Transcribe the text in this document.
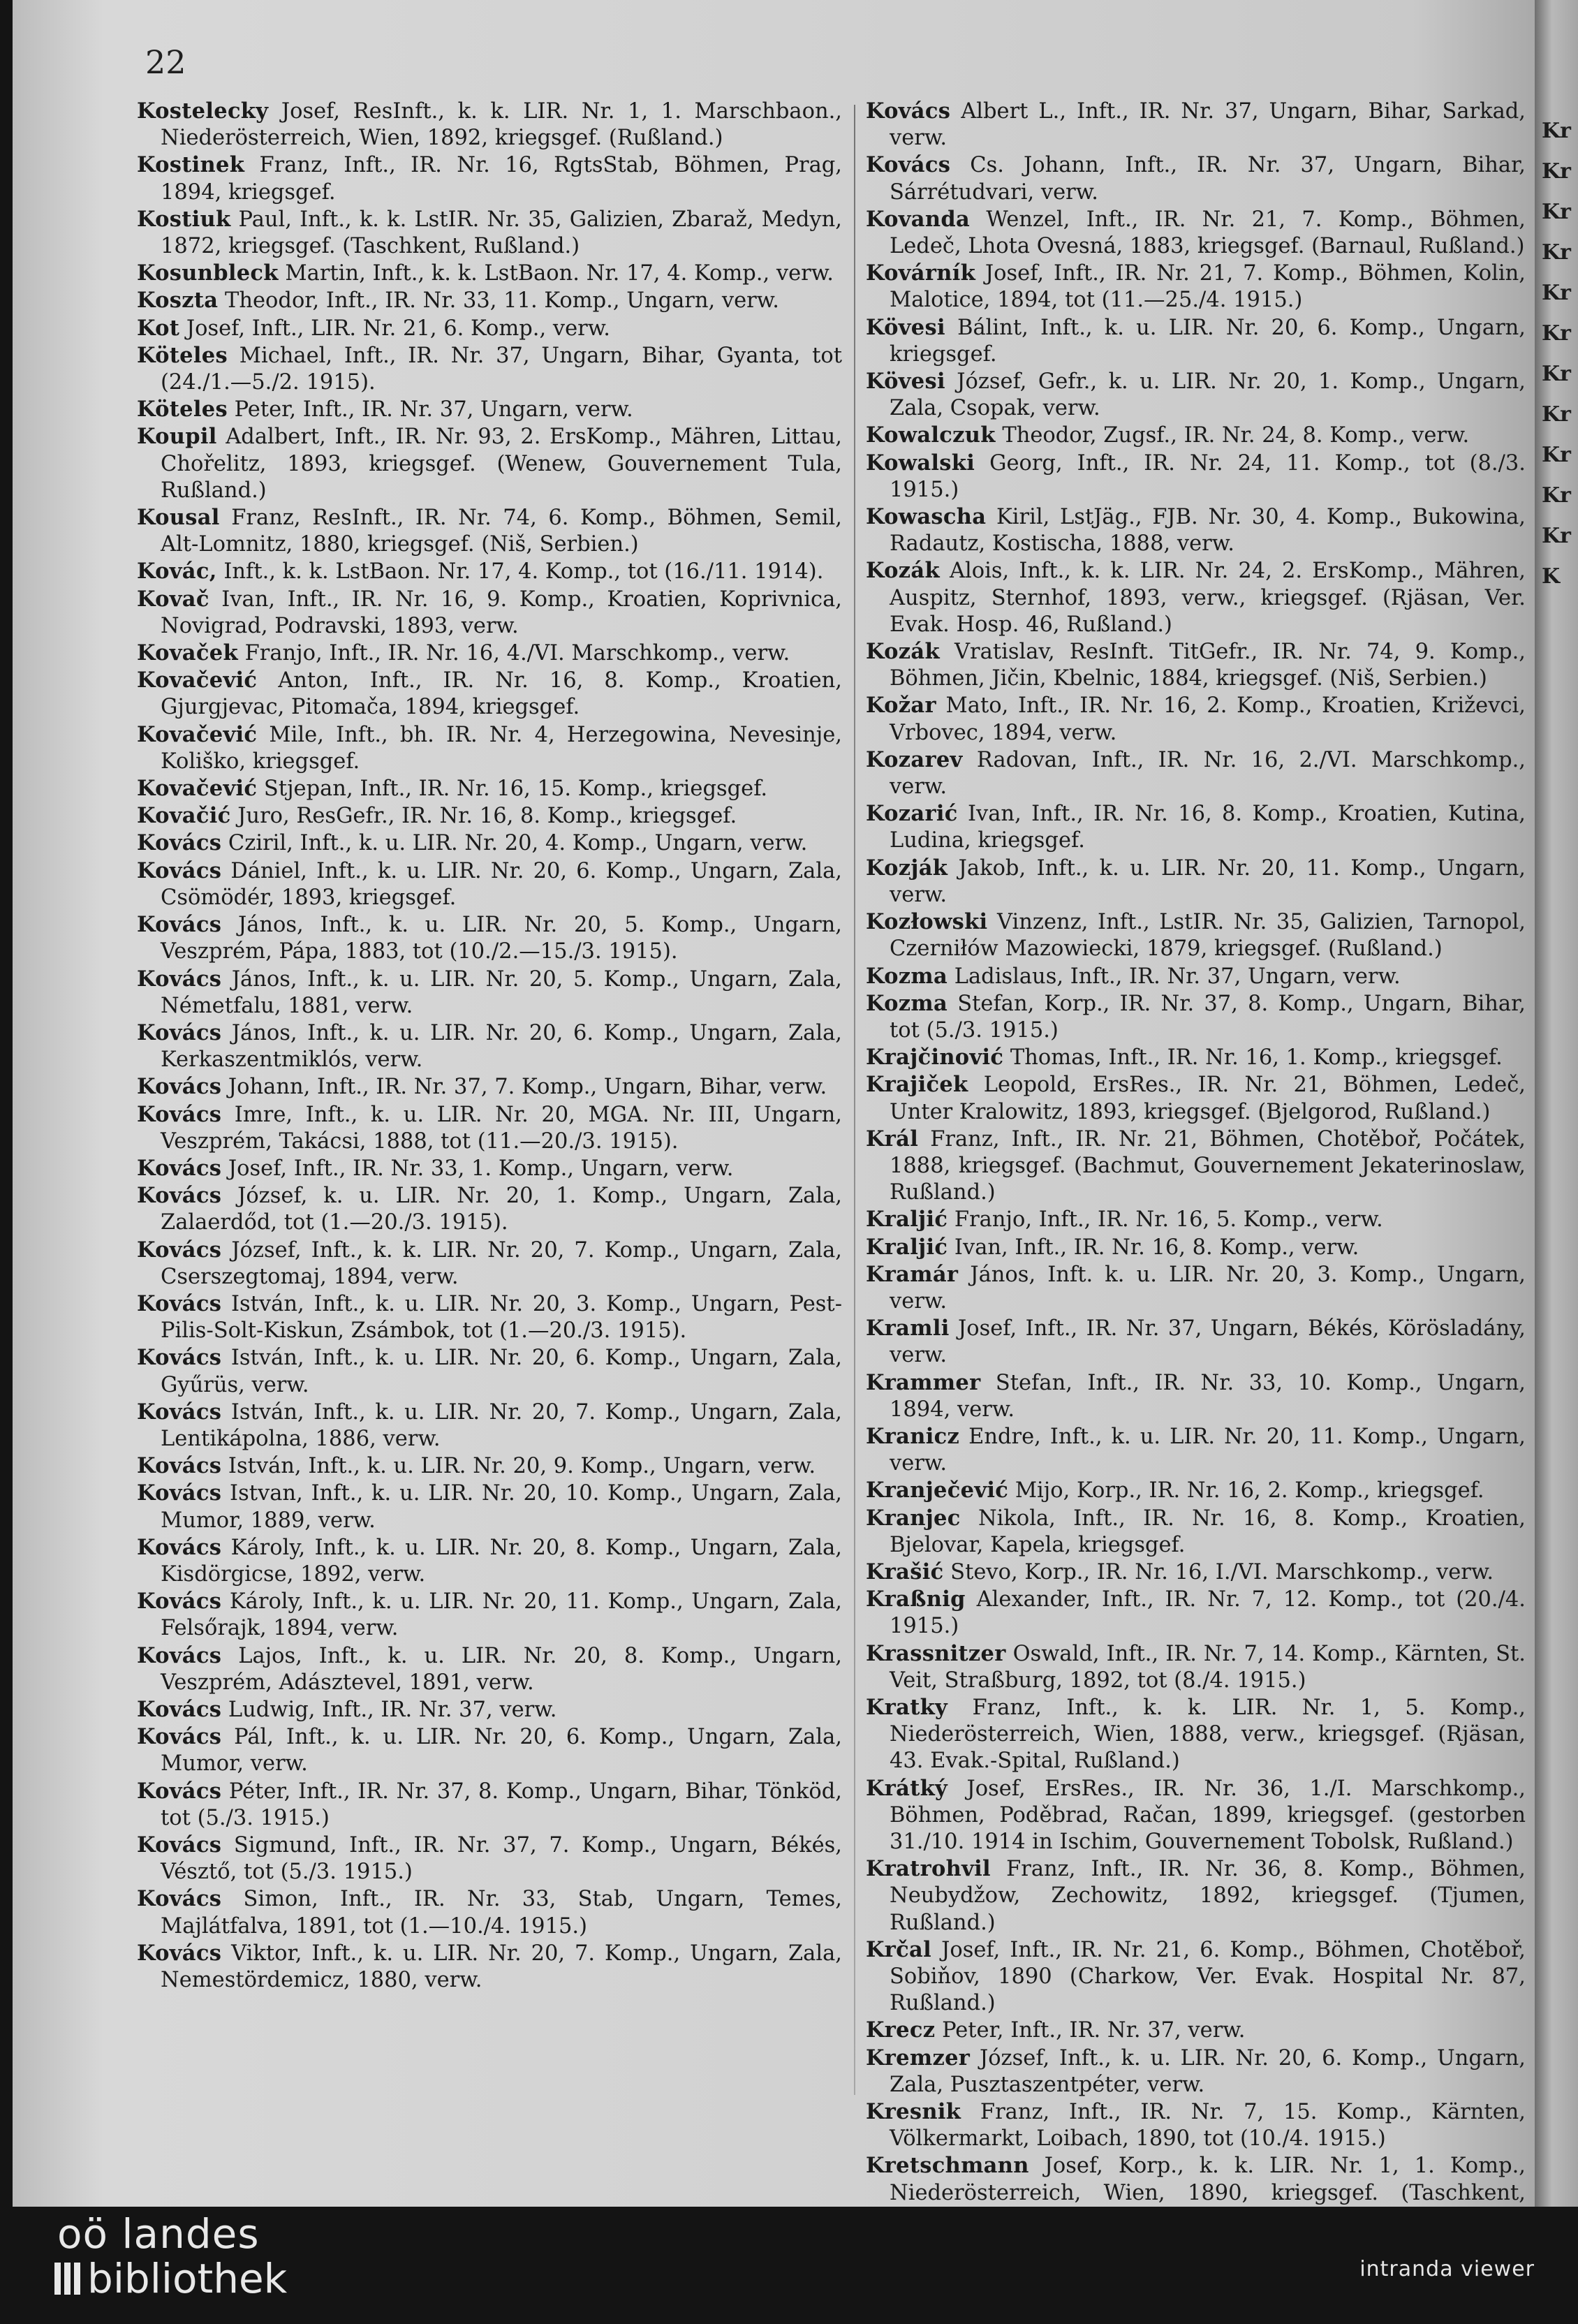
22

Kostelecky Josef, ResInft., k. k. LIR. Nr. 1, 1. Marschbaon., Niederösterreich, Wien, 1892, kriegsgef. (Rußland.)

Kostinek Franz, Inft., IR. Nr. 16, RgtsStab, Böhmen, Prag, 1894, kriegsgef.

Kostiuk Paul, Inft., k. k. LstIR. Nr. 35, Galizien, Zbaraž, Medyn, 1872, kriegsgef. (Taschkent, Rußland.)

Kosunbleck Martin, Inft., k. k. LstBaon. Nr. 17, 4. Komp., verw.

Koszta Theodor, Inft., IR. Nr. 33, 11. Komp., Ungarn, verw.

Kot Josef, Inft., LIR. Nr. 21, 6. Komp., verw.

Köteles Michael, Inft., IR. Nr. 37, Ungarn, Bihar, Gyanta, tot (24./1.—5./2. 1915).

Köteles Peter, Inft., IR. Nr. 37, Ungarn, verw.

Koupil Adalbert, Inft., IR. Nr. 93, 2. ErsKomp., Mähren, Littau, Chořelitz, 1893, kriegsgef. (Wenew, Gouvernement Tula, Rußland.)

Kousal Franz, ResInft., IR. Nr. 74, 6. Komp., Böhmen, Semil, Alt-Lomnitz, 1880, kriegsgef. (Niš, Serbien.)

Kovác, Inft., k. k. LstBaon. Nr. 17, 4. Komp., tot (16./11. 1914).

Kovač Ivan, Inft., IR. Nr. 16, 9. Komp., Kroatien, Koprivnica, Novigrad, Podravski, 1893, verw.

Kovaček Franjo, Inft., IR. Nr. 16, 4./VI. Marschkomp., verw.

Kovačević Anton, Inft., IR. Nr. 16, 8. Komp., Kroatien, Gjurgjevac, Pitomača, 1894, kriegsgef.

Kovačević Mile, Inft., bh. IR. Nr. 4, Herzegowina, Nevesinje, Koliško, kriegsgef.

Kovačević Stjepan, Inft., IR. Nr. 16, 15. Komp., kriegsgef.

Kovačić Juro, ResGefr., IR. Nr. 16, 8. Komp., kriegsgef.

Kovács Cziril, Inft., k. u. LIR. Nr. 20, 4. Komp., Ungarn, verw.

Kovács Dániel, Inft., k. u. LIR. Nr. 20, 6. Komp., Ungarn, Zala, Csömödér, 1893, kriegsgef.

Kovács János, Inft., k. u. LIR. Nr. 20, 5. Komp., Ungarn, Veszprém, Pápa, 1883, tot (10./2.—15./3. 1915).

Kovács János, Inft., k. u. LIR. Nr. 20, 5. Komp., Ungarn, Zala, Németfalu, 1881, verw.

Kovács János, Inft., k. u. LIR. Nr. 20, 6. Komp., Ungarn, Zala, Kerkaszentmiklós, verw.

Kovács Johann, Inft., IR. Nr. 37, 7. Komp., Ungarn, Bihar, verw.

Kovács Imre, Inft., k. u. LIR. Nr. 20, MGA. Nr. III, Ungarn, Veszprém, Takácsi, 1888, tot (11.—20./3. 1915).

Kovács Josef, Inft., IR. Nr. 33, 1. Komp., Ungarn, verw.

Kovács József, k. u. LIR. Nr. 20, 1. Komp., Ungarn, Zala, Zalaerdőd, tot (1.—20./3. 1915).

Kovács József, Inft., k. k. LIR. Nr. 20, 7. Komp., Ungarn, Zala, Cserszegtomaj, 1894, verw.

Kovács István, Inft., k. u. LIR. Nr. 20, 3. Komp., Ungarn, Pest-Pilis-Solt-Kiskun, Zsámbok, tot (1.—20./3. 1915).

Kovács István, Inft., k. u. LIR. Nr. 20, 6. Komp., Ungarn, Zala, Gyűrüs, verw.

Kovács István, Inft., k. u. LIR. Nr. 20, 7. Komp., Ungarn, Zala, Lentikápolna, 1886, verw.

Kovács István, Inft., k. u. LIR. Nr. 20, 9. Komp., Ungarn, verw.

Kovács Istvan, Inft., k. u. LIR. Nr. 20, 10. Komp., Ungarn, Zala, Mumor, 1889, verw.

Kovács Károly, Inft., k. u. LIR. Nr. 20, 8. Komp., Ungarn, Zala, Kisdörgicse, 1892, verw.

Kovács Károly, Inft., k. u. LIR. Nr. 20, 11. Komp., Ungarn, Zala, Felsőrajk, 1894, verw.

Kovács Lajos, Inft., k. u. LIR. Nr. 20, 8. Komp., Ungarn, Veszprém, Adásztevel, 1891, verw.

Kovács Ludwig, Inft., IR. Nr. 37, verw.

Kovács Pál, Inft., k. u. LIR. Nr. 20, 6. Komp., Ungarn, Zala, Mumor, verw.

Kovács Péter, Inft., IR. Nr. 37, 8. Komp., Ungarn, Bihar, Tönköd, tot (5./3. 1915.)

Kovács Sigmund, Inft., IR. Nr. 37, 7. Komp., Ungarn, Békés, Vésztő, tot (5./3. 1915.)

Kovács Simon, Inft., IR. Nr. 33, Stab, Ungarn, Temes, Majlátfalva, 1891, tot (1.—10./4. 1915.)

Kovács Viktor, Inft., k. u. LIR. Nr. 20, 7. Komp., Ungarn, Zala, Nemestördemicz, 1880, verw.

Kovács Albert L., Inft., IR. Nr. 37, Ungarn, Bihar, Sarkad, verw.

Kovács Cs. Johann, Inft., IR. Nr. 37, Ungarn, Bihar, Sárrétudvari, verw.

Kovanda Wenzel, Inft., IR. Nr. 21, 7. Komp., Böhmen, Ledeč, Lhota Ovesná, 1883, kriegsgef. (Barnaul, Rußland.)

Kovárník Josef, Inft., IR. Nr. 21, 7. Komp., Böhmen, Kolin, Malotice, 1894, tot (11.—25./4. 1915.)

Kövesi Bálint, Inft., k. u. LIR. Nr. 20, 6. Komp., Ungarn, kriegsgef.

Kövesi József, Gefr., k. u. LIR. Nr. 20, 1. Komp., Ungarn, Zala, Csopak, verw.

Kowalczuk Theodor, Zugsf., IR. Nr. 24, 8. Komp., verw.

Kowalski Georg, Inft., IR. Nr. 24, 11. Komp., tot (8./3. 1915.)

Kowascha Kiril, LstJäg., FJB. Nr. 30, 4. Komp., Bukowina, Radautz, Kostischa, 1888, verw.

Kozák Alois, Inft., k. k. LIR. Nr. 24, 2. ErsKomp., Mähren, Auspitz, Sternhof, 1893, verw., kriegsgef. (Rjäsan, Ver. Evak. Hosp. 46, Rußland.)

Kozák Vratislav, ResInft. TitGefr., IR. Nr. 74, 9. Komp., Böhmen, Jičin, Kbelnic, 1884, kriegsgef. (Niš, Serbien.)

Kožar Mato, Inft., IR. Nr. 16, 2. Komp., Kroatien, Križevci, Vrbovec, 1894, verw.

Kozarev Radovan, Inft., IR. Nr. 16, 2./VI. Marschkomp., verw.

Kozarić Ivan, Inft., IR. Nr. 16, 8. Komp., Kroatien, Kutina, Ludina, kriegsgef.

Kozják Jakob, Inft., k. u. LIR. Nr. 20, 11. Komp., Ungarn, verw.

Kozłowski Vinzenz, Inft., LstIR. Nr. 35, Galizien, Tarnopol, Czerniłów Mazowiecki, 1879, kriegsgef. (Rußland.)

Kozma Ladislaus, Inft., IR. Nr. 37, Ungarn, verw.

Kozma Stefan, Korp., IR. Nr. 37, 8. Komp., Ungarn, Bihar, tot (5./3. 1915.)

Krajčinović Thomas, Inft., IR. Nr. 16, 1. Komp., kriegsgef.

Krajiček Leopold, ErsRes., IR. Nr. 21, Böhmen, Ledeč, Unter Kralowitz, 1893, kriegsgef. (Bjelgorod, Rußland.)

Král Franz, Inft., IR. Nr. 21, Böhmen, Chotěboř, Počátek, 1888, kriegsgef. (Bachmut, Gouvernement Jekaterinoslaw, Rußland.)

Kraljić Franjo, Inft., IR. Nr. 16, 5. Komp., verw.

Kraljić Ivan, Inft., IR. Nr. 16, 8. Komp., verw.

Kramár János, Inft. k. u. LIR. Nr. 20, 3. Komp., Ungarn, verw.

Kramli Josef, Inft., IR. Nr. 37, Ungarn, Békés, Körösladány, verw.

Krammer Stefan, Inft., IR. Nr. 33, 10. Komp., Ungarn, 1894, verw.

Kranicz Endre, Inft., k. u. LIR. Nr. 20, 11. Komp., Ungarn, verw.

Kranječević Mijo, Korp., IR. Nr. 16, 2. Komp., kriegsgef.

Kranjec Nikola, Inft., IR. Nr. 16, 8. Komp., Kroatien, Bjelovar, Kapela, kriegsgef.

Krašić Stevo, Korp., IR. Nr. 16, I./VI. Marschkomp., verw.

Kraßnig Alexander, Inft., IR. Nr. 7, 12. Komp., tot (20./4. 1915.)

Krassnitzer Oswald, Inft., IR. Nr. 7, 14. Komp., Kärnten, St. Veit, Straßburg, 1892, tot (8./4. 1915.)

Kratky Franz, Inft., k. k. LIR. Nr. 1, 5. Komp., Niederösterreich, Wien, 1888, verw., kriegsgef. (Rjäsan, 43. Evak.-Spital, Rußland.)

Krátký Josef, ErsRes., IR. Nr. 36, 1./I. Marschkomp., Böhmen, Poděbrad, Račan, 1899, kriegsgef. (gestorben 31./10. 1914 in Ischim, Gouvernement Tobolsk, Rußland.)

Kratrohvil Franz, Inft., IR. Nr. 36, 8. Komp., Böhmen, Neubydžow, Zechowitz, 1892, kriegsgef. (Tjumen, Rußland.)

Krčal Josef, Inft., IR. Nr. 21, 6. Komp., Böhmen, Chotěboř, Sobiňov, 1890 (Charkow, Ver. Evak. Hospital Nr. 87, Rußland.)

Krecz Peter, Inft., IR. Nr. 37, verw.

Kremzer József, Inft., k. u. LIR. Nr. 20, 6. Komp., Ungarn, Zala, Pusztaszentpéter, verw.

Kresnik Franz, Inft., IR. Nr. 7, 15. Komp., Kärnten, Völkermarkt, Loibach, 1890, tot (10./4. 1915.)

Kretschmann Josef, Korp., k. k. LIR. Nr. 1, 1. Komp., Niederösterreich, Wien, 1890, kriegsgef. (Taschkent,

Kr
Kr
Kr
Kr
Kr
Kr
Kr
Kr
Kr
Kr
Kr
K
oö landes
bibliothek	intranda viewer
